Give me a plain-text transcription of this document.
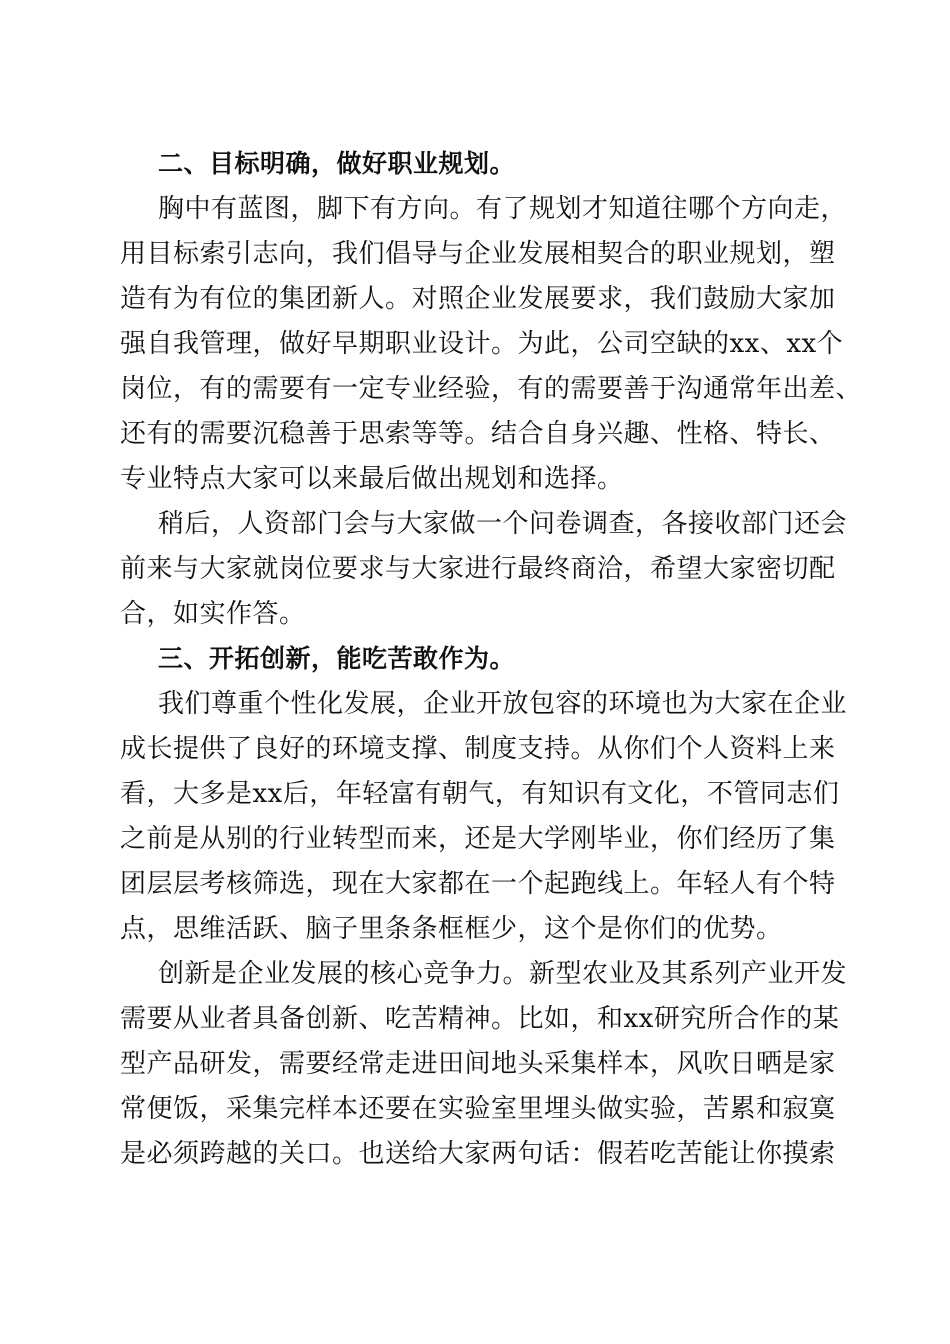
二、目标明确，做好职业规划。
胸中有蓝图，脚下有方向。有了规划才知道往哪个方向走，
用目标索引志向，我们倡导与企业发展相契合的职业规划，塑
造有为有位的集团新人。对照企业发展要求，我们鼓励大家加
强自我管理，做好早期职业设计。为此，公司空缺的xx、xx个
岗位，有的需要有一定专业经验，有的需要善于沟通常年出差、
还有的需要沉稳善于思索等等。结合自身兴趣、性格、特长、
专业特点大家可以来最后做出规划和选择。
稍后，人资部门会与大家做一个问卷调查，各接收部门还会
前来与大家就岗位要求与大家进行最终商洽，希望大家密切配
合，如实作答。
三、开拓创新，能吃苦敢作为。
我们尊重个性化发展，企业开放包容的环境也为大家在企业
成长提供了良好的环境支撑、制度支持。从你们个人资料上来
看，大多是xx后，年轻富有朝气，有知识有文化，不管同志们
之前是从别的行业转型而来，还是大学刚毕业，你们经历了集
团层层考核筛选，现在大家都在一个起跑线上。年轻人有个特
点，思维活跃、脑子里条条框框少，这个是你们的优势。
创新是企业发展的核心竞争力。新型农业及其系列产业开发
需要从业者具备创新、吃苦精神。比如，和xx研究所合作的某
型产品研发，需要经常走进田间地头采集样本，风吹日晒是家
常便饭，采集完样本还要在实验室里埋头做实验，苦累和寂寞
是必须跨越的关口。也送给大家两句话：假若吃苦能让你摸索
